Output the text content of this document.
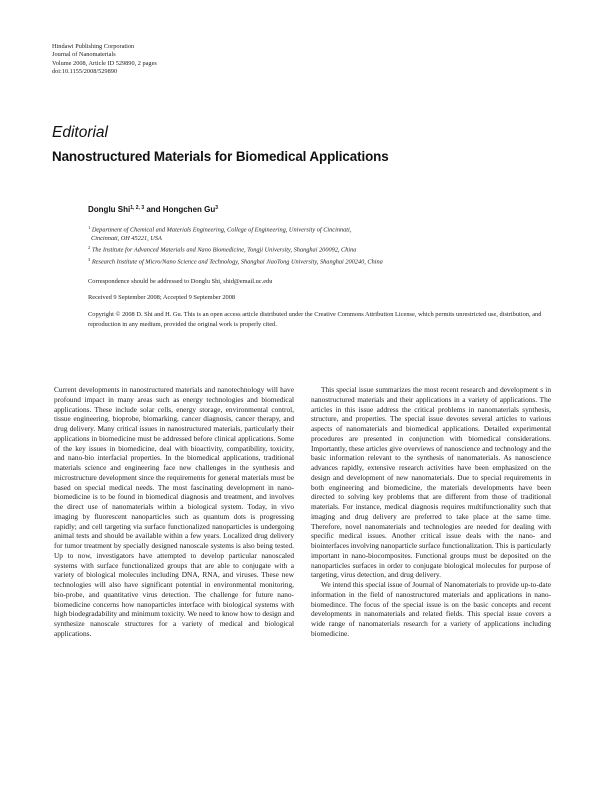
Hindawi Publishing Corporation
Journal of Nanomaterials
Volume 2008, Article ID 529890, 2 pages
doi:10.1155/2008/529890
Editorial
Nanostructured Materials for Biomedical Applications
Donglu Shi$^{1, 2, 3}$ and Hongchen Gu$^3$
$^1$ Department of Chemical and Materials Engineering, College of Engineering, University of Cincinnati,
Cincinnati, OH 45221, USA
$^2$ The Institute for Advanced Materials and Nano Biomedicine, Tongji University, Shanghai 200092, China
$^3$ Research Institute of Micro/Nano Science and Technology, Shanghai JiaoTong University, Shanghai 200240, China
Correspondence should be addressed to Donglu Shi, shid@email.uc.edu
Received 9 September 2008; Accepted 9 September 2008
Copyright © 2008 D. Shi and H. Gu. This is an open access article distributed under the Creative Commons Attribution License, which permits unrestricted use, distribution, and reproduction in any medium, provided the original work is properly cited.

Current developments in nanostructured materials and nanotechnology will have profound impact in many areas such as energy technologies and biomedical applications. These include solar cells, energy storage, environmental control, tissue engineering, bioprobe, biomarking, cancer diagnosis, cancer therapy, and drug delivery. Many critical issues in nanostructured materials, particularly their applications in biomedicine must be addressed before clinical applications. Some of the key issues in biomedicine, deal with bioactivity, compatibility, toxicity, and nano-bio interfacial properties. In the biomedical applications, traditional materials science and engineering face new challenges in the synthesis and microstructure development since the requirements for general materials must be based on special medical needs. The most fascinating development in nano-biomedicine is to be found in biomedical diagnosis and treatment, and involves the direct use of nanomaterials within a biological system. Today, in vivo imaging by fluorescent nanoparticles such as quantum dots is progressing rapidly; and cell targeting via surface functionalized nanoparticles is undergoing animal tests and should be available within a few years. Localized drug delivery for tumor treatment by specially designed nanoscale systems is also being tested. Up to now, investigators have attempted to develop particular nanoscaled systems with surface functionalized groups that are able to conjugate with a variety of biological molecules including DNA, RNA, and viruses. These new technologies will also have significant potential in environmental monitoring, bio-probe, and quantitative virus detection. The challenge for future nano-biomedicine concerns how nanoparticles interface with biological systems with high biodegradability and minimum toxicity. We need to know how to design and synthesize nanoscale structures for a variety of medical and biological applications.

This special issue summarizes the most recent research and development s in nanostructured materials and their applications in a variety of applications. The articles in this issue address the critical problems in nanomaterials synthesis, structure, and properties. The special issue devotes several articles to various aspects of nanomaterials and biomedical applications. Detailed experimental procedures are presented in conjunction with biomedical considerations. Importantly, these articles give overviews of nanoscience and technology and the basic information relevant to the synthesis of nanomaterials. As nanoscience advances rapidly, extensive research activities have been emphasized on the design and development of new nanomaterials. Due to special requirements in both engineering and biomedicine, the materials developments have been directed to solving key problems that are different from those of traditional materials. For instance, medical diagnosis requires multifunctionality such that imaging and drug delivery are preferred to take place at the same time. Therefore, novel nanomaterials and technologies are needed for dealing with specific medical issues. Another critical issue deals with the nano- and biointerfaces involving nanoparticle surface functionalization. This is particularly important in nano-biocomposites. Functional groups must be deposited on the nanoparticles surfaces in order to conjugate biological molecules for purpose of targeting, virus detection, and drug delivery.

We intend this special issue of Journal of Nanomaterials to provide up-to-date information in the field of nanostructured materials and applications in nano-biomedince. The focus of the special issue is on the basic concepts and recent developments in nanomaterials and related fields. This special issue covers a wide range of nanomaterials research for a variety of applications including biomedicine.
